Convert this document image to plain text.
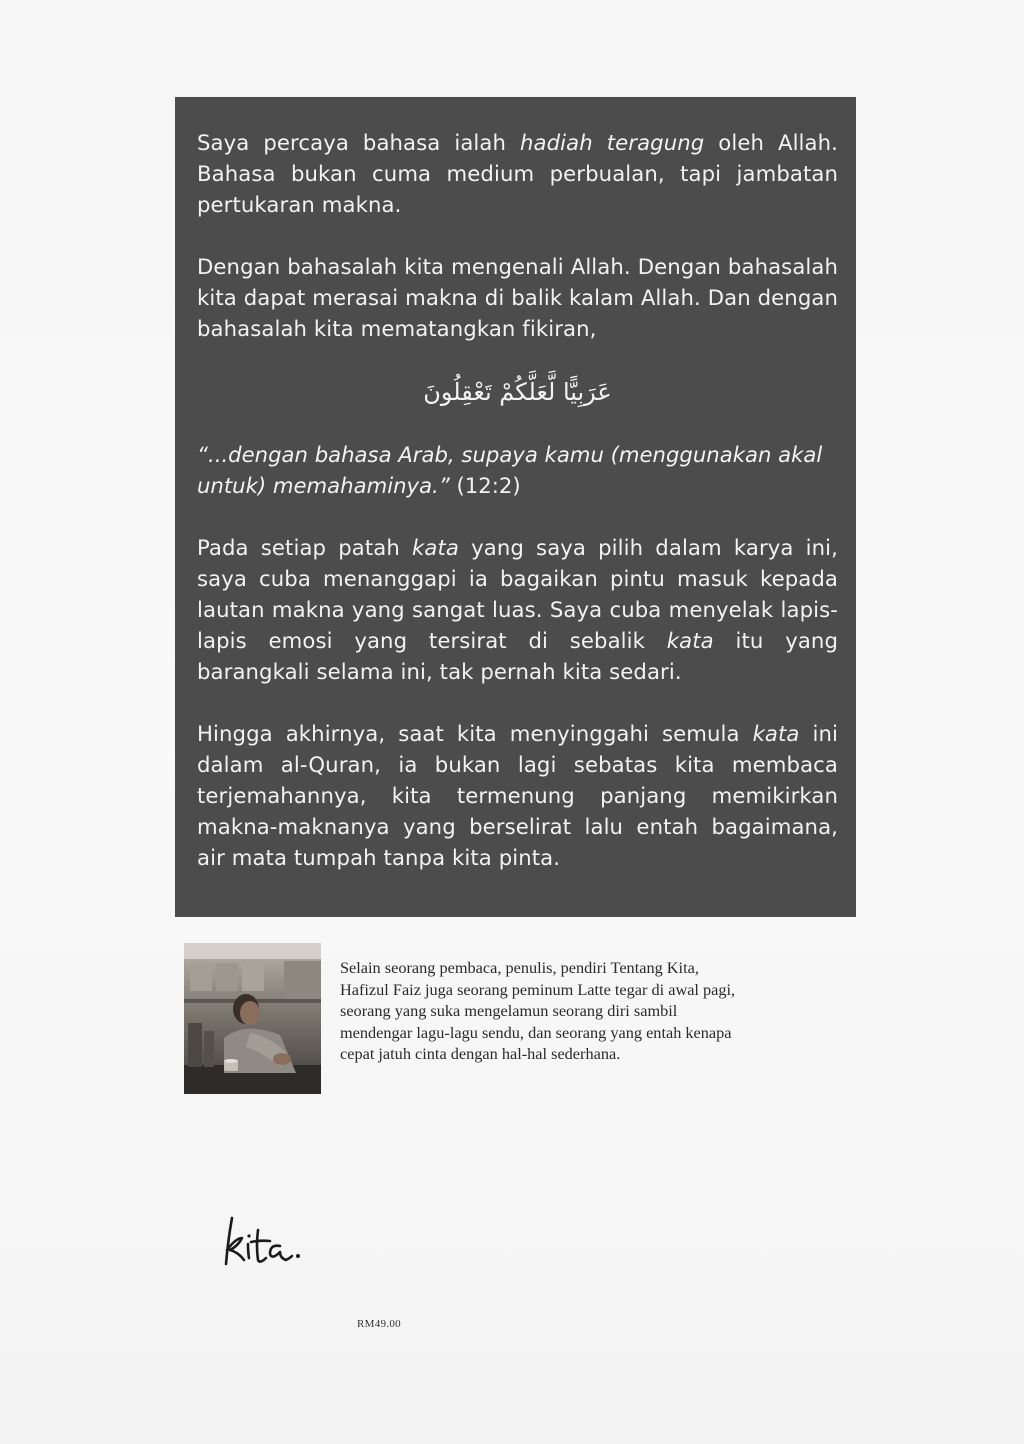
Saya percaya bahasa ialah hadiah teragung oleh Allah. Bahasa bukan cuma medium perbualan, tapi jambatan pertukaran makna.

Dengan bahasalah kita mengenali Allah. Dengan bahasalah kita dapat merasai makna di balik kalam Allah. Dan dengan bahasalah kita mematangkan fikiran,

عَرَبِيًّا لَّعَلَّكُمْ تَعْقِلُونَ

“...dengan bahasa Arab, supaya kamu (menggunakan akal untuk) memahaminya.” (12:2)

Pada setiap patah kata yang saya pilih dalam karya ini, saya cuba menanggapi ia bagaikan pintu masuk kepada lautan makna yang sangat luas. Saya cuba menyelak lapis-lapis emosi yang tersirat di sebalik kata itu yang barangkali selama ini, tak pernah kita sedari.

Hingga akhirnya, saat kita menyinggahi semula kata ini dalam al-Quran, ia bukan lagi sebatas kita membaca terjemahannya, kita termenung panjang memikirkan makna-maknanya yang berselirat lalu entah bagaimana, air mata tumpah tanpa kita pinta.

Selain seorang pembaca, penulis, pendiri Tentang Kita,
Hafizul Faiz juga seorang peminum Latte tegar di awal pagi,
seorang yang suka mengelamun seorang diri sambil
mendengar lagu-lagu sendu, dan seorang yang entah kenapa
cepat jatuh cinta dengan hal-hal sederhana.

RM49.00
